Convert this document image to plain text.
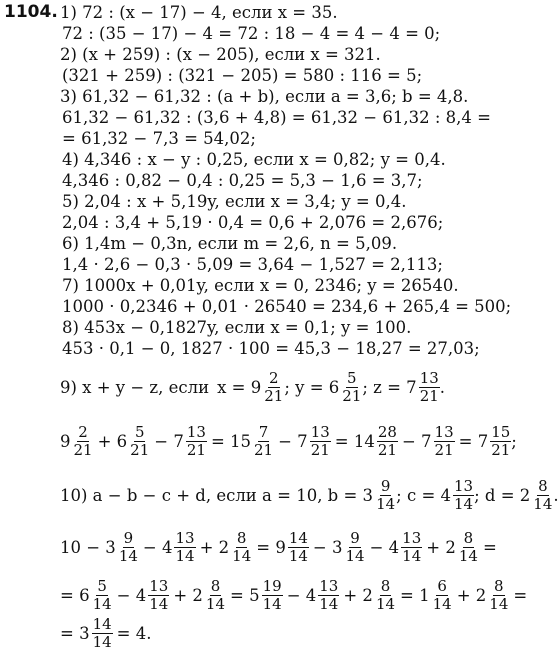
1104. 1) 72 : (x − 17) − 4, если x = 35.
72 : (35 − 17) − 4 = 72 : 18 − 4 = 4 − 4 = 0;
2) (x + 259) : (x − 205), если x = 321.
(321 + 259) : (321 − 205) = 580 : 116 = 5;
3) 61,32 − 61,32 : (a + b), если a = 3,6; b = 4,8.
61,32 − 61,32 : (3,6 + 4,8) = 61,32 − 61,32 : 8,4 =
= 61,32 − 7,3 = 54,02;
4) 4,346 : x − y : 0,25, если x = 0,82; y = 0,4.
4,346 : 0,82 − 0,4 : 0,25 = 5,3 − 1,6 = 3,7;
5) 2,04 : x + 5,19y, если x = 3,4; y = 0,4.
2,04 : 3,4 + 5,19 · 0,4 = 0,6 + 2,076 = 2,676;
6) 1,4m − 0,3n, если m = 2,6, n = 5,09.
1,4 · 2,6 − 0,3 · 5,09 = 3,64 − 1,527 = 2,113;
7) 1000x + 0,01y, если x = 0, 2346; y = 26540.
1000 · 0,2346 + 0,01 · 26540 = 234,6 + 265,4 = 500;
8) 453x − 0,1827y, если x = 0,1; y = 100.
453 · 0,1 − 0, 1827 · 100 = 45,3 − 18,27 = 27,03;
9) x + y − z, если $x = 9 \frac{2}{21}$ ; $y = 6 \frac{5}{21}$ ; $z = 7 \frac{13}{21}$ .
$9 \frac{2}{21} + 6 \frac{5}{21} - 7 \frac{13}{21} = 15 \frac{7}{21} - 7 \frac{13}{21} = 14 \frac{28}{21} - 7 \frac{13}{21} = 7 \frac{15}{21}$ ;
10) a − b − c + d, если a = 10, $b = 3 \frac{9}{14}$ ; $c = 4 \frac{13}{14}$ ; $d = 2 \frac{8}{14}$ .
$10 - 3 \frac{9}{14} - 4 \frac{13}{14} + 2 \frac{8}{14} = 9 \frac{14}{14} - 3 \frac{9}{14} - 4 \frac{13}{14} + 2 \frac{8}{14}$ =
= $6 \frac{5}{14} - 4 \frac{13}{14} + 2 \frac{8}{14} = 5 \frac{19}{14} - 4 \frac{13}{14} + 2 \frac{8}{14} = 1 \frac{6}{14} + 2 \frac{8}{14}$ =
= $3 \frac{14}{14} = 4$.
